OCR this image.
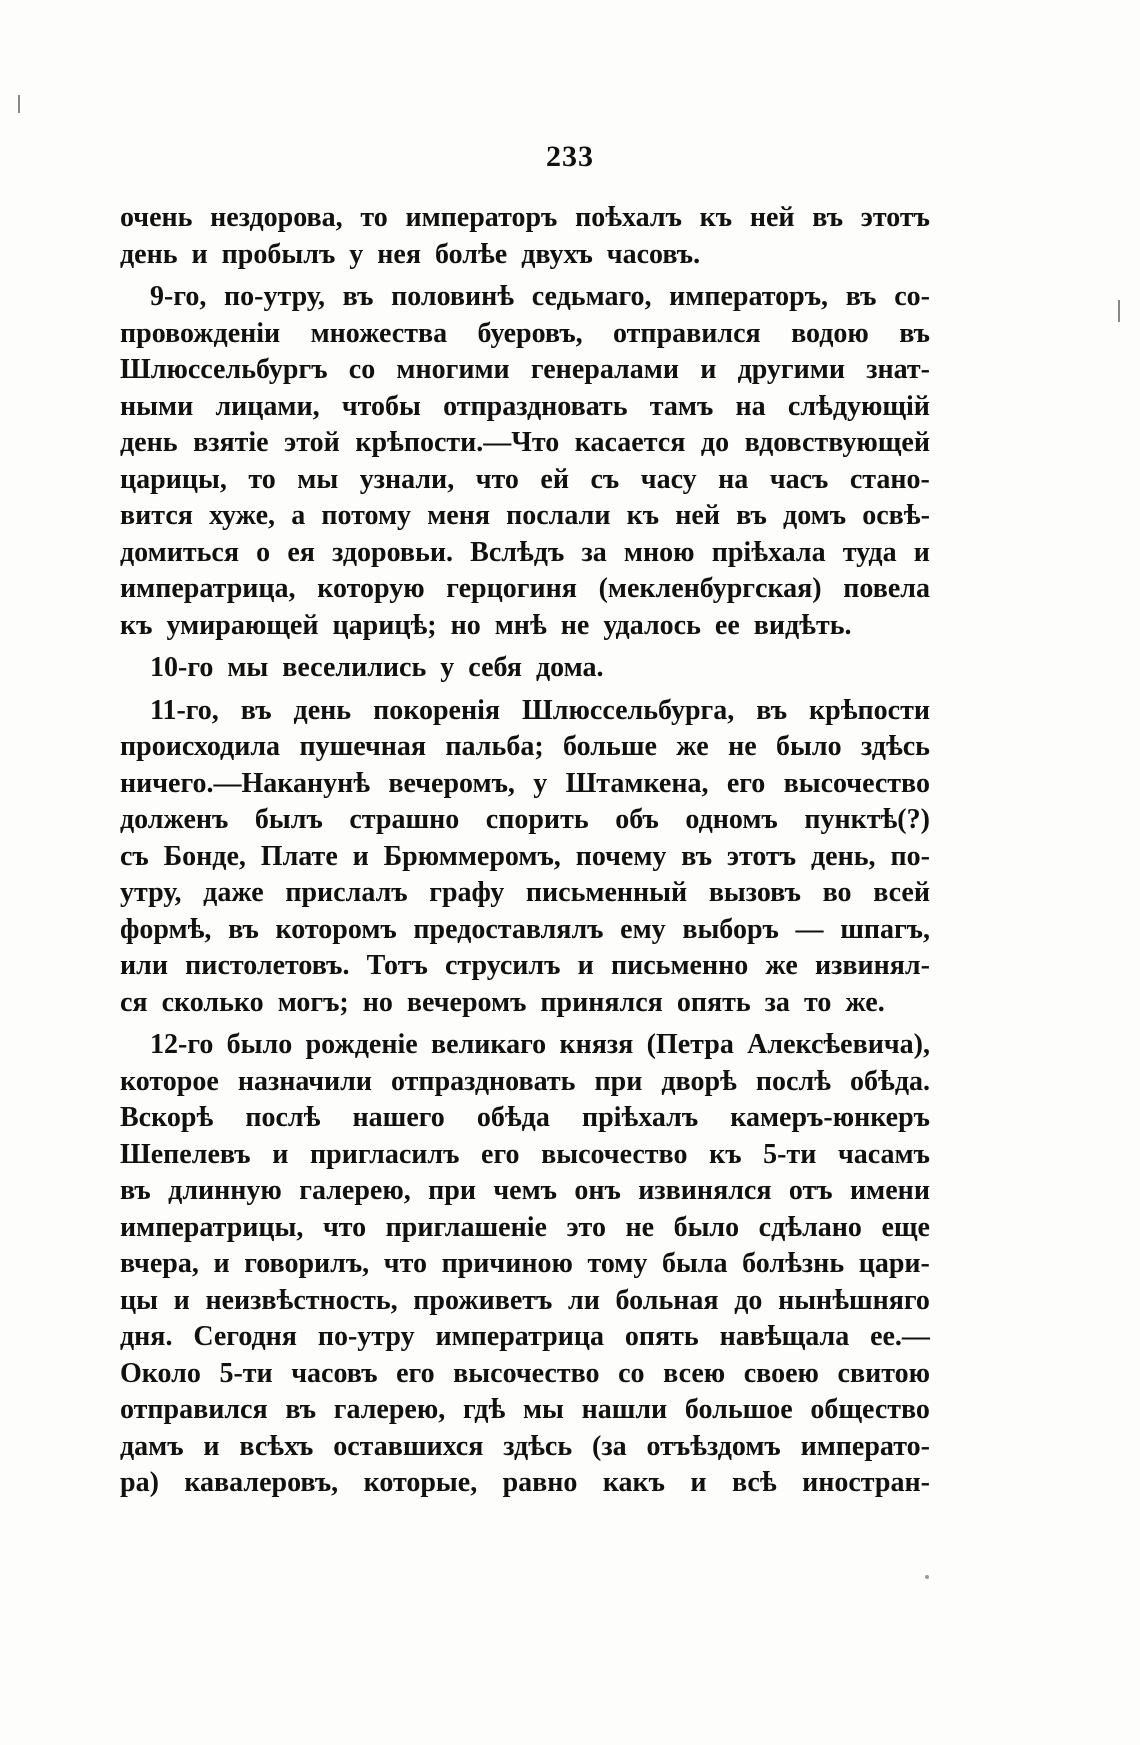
233
очень нездорова, то императоръ поѣхалъ къ ней въ этотъ
день и пробылъ у нея болѣе двухъ часовъ.
9-го, по-утру, въ половинѣ седьмаго, императоръ, въ со-
провожденіи множества буеровъ, отправился водою въ
Шлюссельбургъ со многими генералами и другими знат-
ными лицами, чтобы отпраздновать тамъ на слѣдующій
день взятіе этой крѣпости.—Что касается до вдовствующей
царицы, то мы узнали, что ей съ часу на часъ стано-
вится хуже, а потому меня послали къ ней въ домъ освѣ-
домиться о ея здоровьи. Вслѣдъ за мною пріѣхала туда и
императрица, которую герцогиня (мекленбургская) повела
къ умирающей царицѣ; но мнѣ не удалось ее видѣть.
10-го мы веселились у себя дома.
11-го, въ день покоренія Шлюссельбурга, въ крѣпости
происходила пушечная пальба; больше же не было здѣсь
ничего.—Наканунѣ вечеромъ, у Штамкена, его высочество
долженъ былъ страшно спорить объ одномъ пунктѣ(?)
съ Бонде, Плате и Брюммеромъ, почему въ этотъ день, по-
утру, даже прислалъ графу письменный вызовъ во всей
формѣ, въ которомъ предоставлялъ ему выборъ — шпагъ,
или пистолетовъ. Тотъ струсилъ и письменно же извинял-
ся сколько могъ; но вечеромъ принялся опять за то же.
12-го было рожденіе великаго князя (Петра Алексѣевича),
которое назначили отпраздновать при дворѣ послѣ обѣда.
Вскорѣ послѣ нашего обѣда пріѣхалъ камеръ-юнкеръ
Шепелевъ и пригласилъ его высочество къ 5-ти часамъ
въ длинную галерею, при чемъ онъ извинялся отъ имени
императрицы, что приглашеніе это не было сдѣлано еще
вчера, и говорилъ, что причиною тому была болѣзнь цари-
цы и неизвѣстность, проживетъ ли больная до нынѣшняго
дня. Сегодня по-утру императрица опять навѣщала ее.—
Около 5-ти часовъ его высочество со всею своею свитою
отправился въ галерею, гдѣ мы нашли большое общество
дамъ и всѣхъ оставшихся здѣсь (за отъѣздомъ императо-
ра) кавалеровъ, которые, равно какъ и всѣ иностран-
